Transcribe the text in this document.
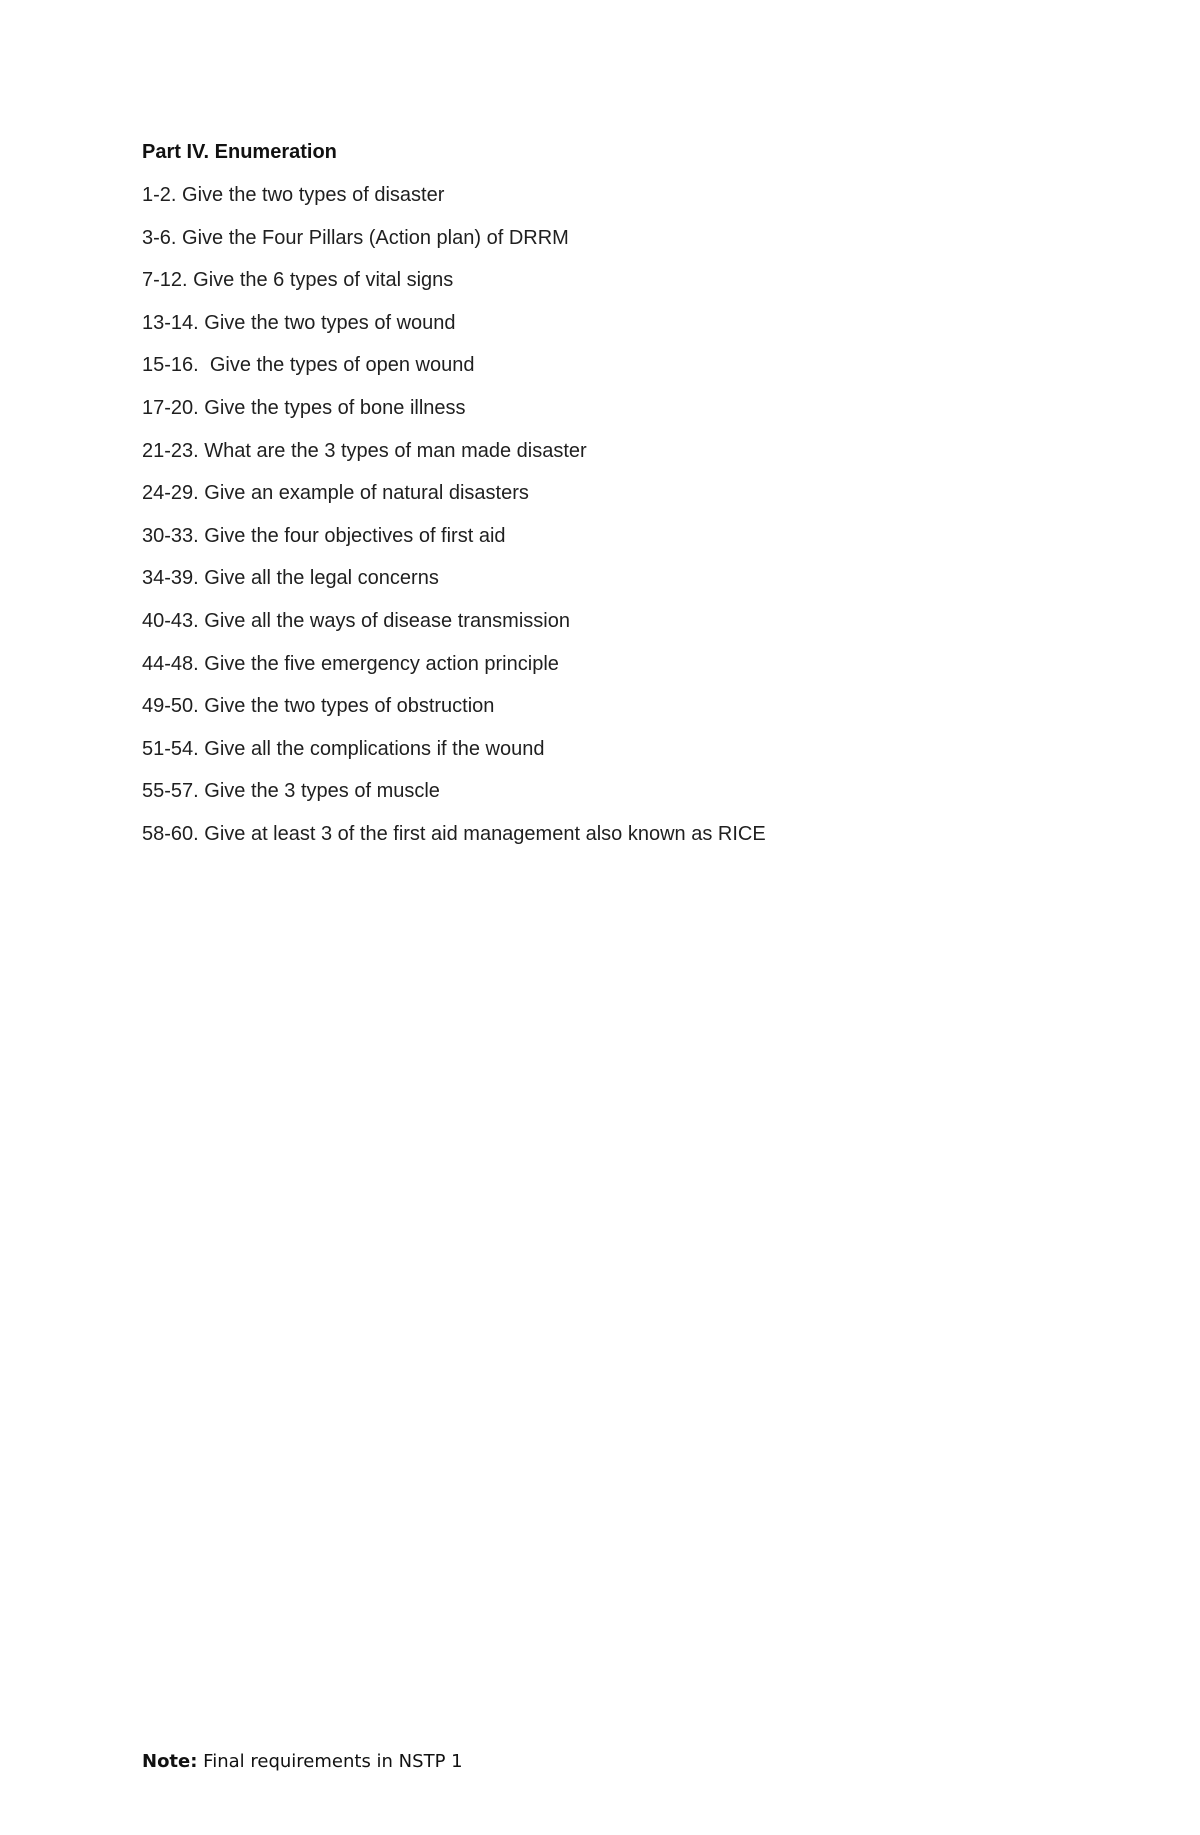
Part IV. Enumeration
1-2. Give the two types of disaster
3-6. Give the Four Pillars (Action plan) of DRRM
7-12. Give the 6 types of vital signs
13-14. Give the two types of wound
15-16.  Give the types of open wound
17-20. Give the types of bone illness
21-23. What are the 3 types of man made disaster
24-29. Give an example of natural disasters
30-33. Give the four objectives of first aid
34-39. Give all the legal concerns
40-43. Give all the ways of disease transmission
44-48. Give the five emergency action principle
49-50. Give the two types of obstruction
51-54. Give all the complications if the wound
55-57. Give the 3 types of muscle
58-60. Give at least 3 of the first aid management also known as RICE
Note: Final requirements in NSTP 1
